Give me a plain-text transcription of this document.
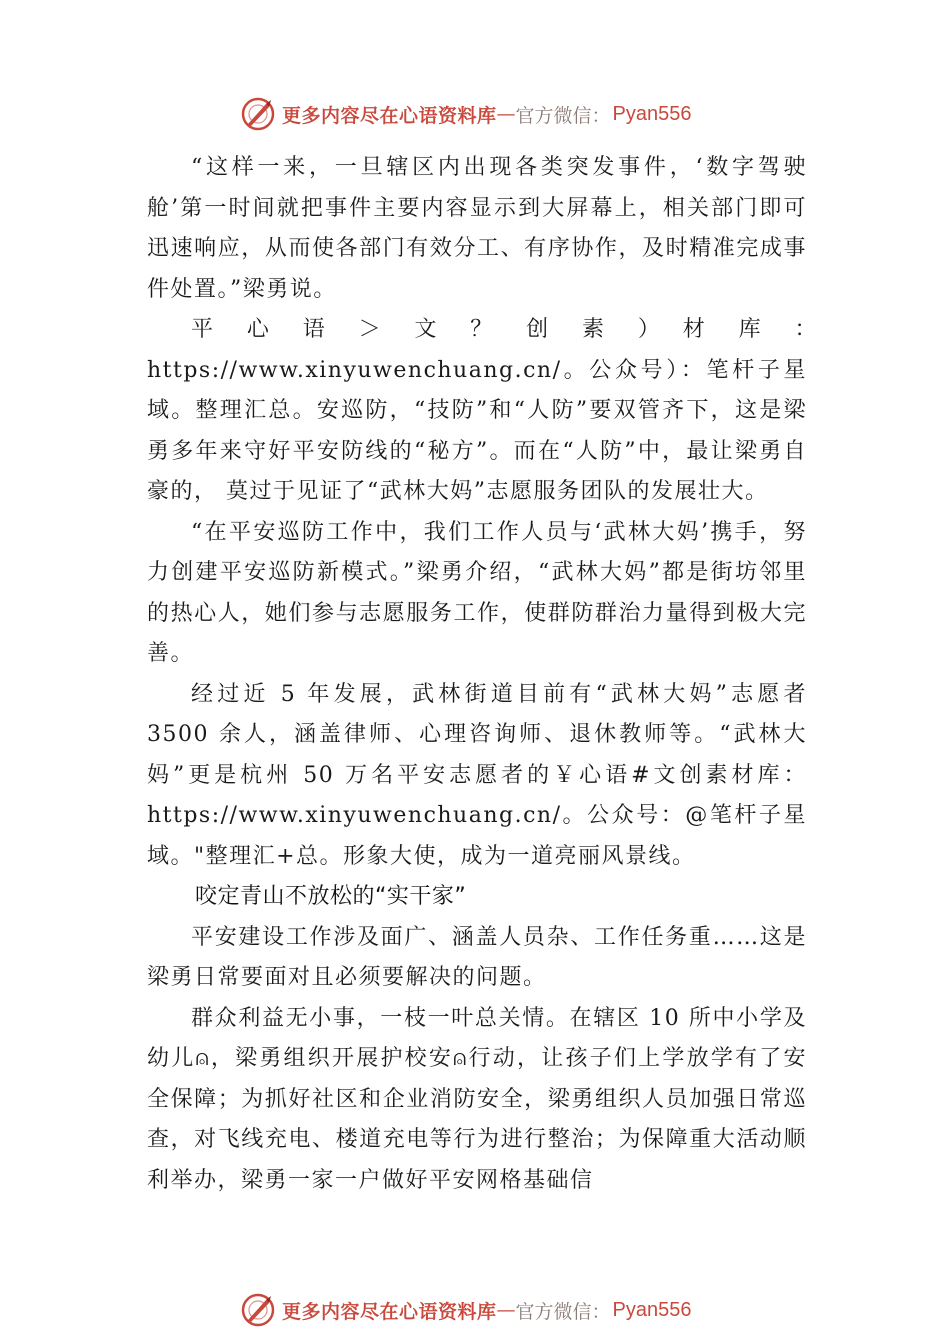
更多内容尽在心语资料库 — 官方微信： Pyan556

“这样一来，一旦辖区内出现各类突发事件，‘数字驾驶舱’第一时间就把事件主要内容显示到大屏幕上，相关部门即可迅速响应，从而使各部门有效分工、有序协作，及时精准完成事件处置。”梁勇说。

平　心　语　＞　文　？　创　素　）　材　库　：　https://www.xinyuwenchuang.cn/。公众号）：笔杆子星域。整理汇总。安巡防，“技防”和“人防”要双管齐下，这是梁勇多年来守好平安防线的“秘方”。而在“人防”中，最让梁勇自豪的， 莫过于见证了“武林大妈”志愿服务团队的发展壮大。

“在平安巡防工作中，我们工作人员与‘武林大妈’携手，努力创建平安巡防新模式。”梁勇介绍，“武林大妈”都是街坊邻里的热心人，她们参与志愿服务工作，使群防群治力量得到极大完善。

经过近 5 年发展，武林街道目前有“武林大妈”志愿者 3500 余人，涵盖律师、心理咨询师、退休教师等。“武林大妈”更是杭州 50 万名平安志愿者的￥心语#文创素材库：https://www.xinyuwenchuang.cn/。公众号：@笔杆子星域。"整理汇+总。形象大使，成为一道亮丽风景线。

咬定青山不放松的“实干家”

平安建设工作涉及面广、涵盖人员杂、工作任务重……这是梁勇日常要面对且必须要解决的问题。

群众利益无小事，一枝一叶总关情。在辖区 10 所中小学及幼儿⍝，梁勇组织开展护校安⍝行动，让孩子们上学放学有了安全保障；为抓好社区和企业消防安全，梁勇组织人员加强日常巡查，对飞线充电、楼道充电等行为进行整治；为保障重大活动顺利举办，梁勇一家一户做好平安网格基础信

更多内容尽在心语资料库 — 官方微信： Pyan556
